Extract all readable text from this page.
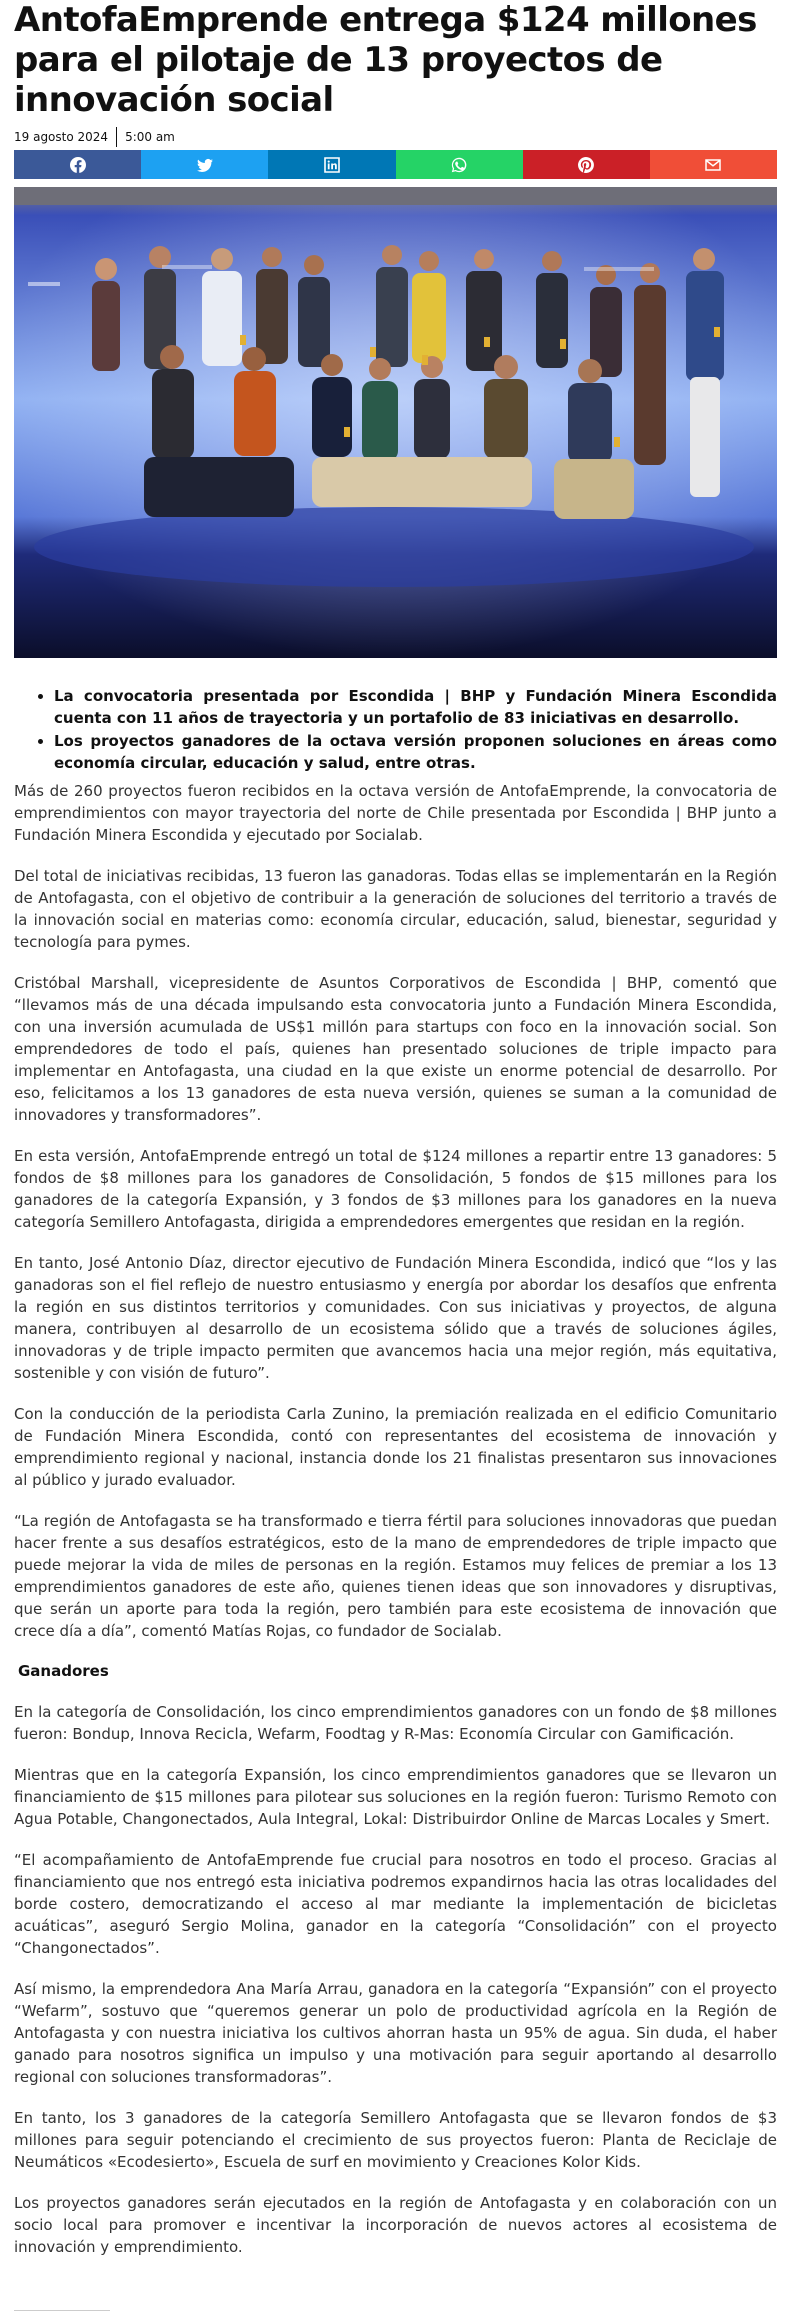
AntofaEmprende entrega $124 millones para el pilotaje de 13 proyectos de innovación social
19 agosto 2024 5:00 am
• La convocatoria presentada por Escondida | BHP y Fundación Minera Escondida cuenta con 11 años de trayectoria y un portafolio de 83 iniciativas en desarrollo.
• Los proyectos ganadores de la octava versión proponen soluciones en áreas como economía circular, educación y salud, entre otras.

Más de 260 proyectos fueron recibidos en la octava versión de AntofaEmprende, la convocatoria de emprendimientos con mayor trayectoria del norte de Chile presentada por Escondida | BHP junto a Fundación Minera Escondida y ejecutado por Socialab.

Del total de iniciativas recibidas, 13 fueron las ganadoras. Todas ellas se implementarán en la Región de Antofagasta, con el objetivo de contribuir a la generación de soluciones del territorio a través de la innovación social en materias como: economía circular, educación, salud, bienestar, seguridad y tecnología para pymes.

Cristóbal Marshall, vicepresidente de Asuntos Corporativos de Escondida | BHP, comentó que “llevamos más de una década impulsando esta convocatoria junto a Fundación Minera Escondida, con una inversión acumulada de US$1 millón para startups con foco en la innovación social. Son emprendedores de todo el país, quienes han presentado soluciones de triple impacto para implementar en Antofagasta, una ciudad en la que existe un enorme potencial de desarrollo. Por eso, felicitamos a los 13 ganadores de esta nueva versión, quienes se suman a la comunidad de innovadores y transformadores”.

En esta versión, AntofaEmprende entregó un total de $124 millones a repartir entre 13 ganadores: 5 fondos de $8 millones para los ganadores de Consolidación, 5 fondos de $15 millones para los ganadores de la categoría Expansión, y 3 fondos de $3 millones para los ganadores en la nueva categoría Semillero Antofagasta, dirigida a emprendedores emergentes que residan en la región.

En tanto, José Antonio Díaz, director ejecutivo de Fundación Minera Escondida, indicó que “los y las ganadoras son el fiel reflejo de nuestro entusiasmo y energía por abordar los desafíos que enfrenta la región en sus distintos territorios y comunidades. Con sus iniciativas y proyectos, de alguna manera, contribuyen al desarrollo de un ecosistema sólido que a través de soluciones ágiles, innovadoras y de triple impacto permiten que avancemos hacia una mejor región, más equitativa, sostenible y con visión de futuro”.

Con la conducción de la periodista Carla Zunino, la premiación realizada en el edificio Comunitario de Fundación Minera Escondida, contó con representantes del ecosistema de innovación y emprendimiento regional y nacional, instancia donde los 21 finalistas presentaron sus innovaciones al público y jurado evaluador.

“La región de Antofagasta se ha transformado e tierra fértil para soluciones innovadoras que puedan hacer frente a sus desafíos estratégicos, esto de la mano de emprendedores de triple impacto que puede mejorar la vida de miles de personas en la región. Estamos muy felices de premiar a los 13 emprendimientos ganadores de este año, quienes tienen ideas que son innovadores y disruptivas, que serán un aporte para toda la región, pero también para este ecosistema de innovación que crece día a día”, comentó Matías Rojas, co fundador de Socialab.

Ganadores

En la categoría de Consolidación, los cinco emprendimientos ganadores con un fondo de $8 millones fueron: Bondup, Innova Recicla, Wefarm, Foodtag y R-Mas: Economía Circular con Gamificación.

Mientras que en la categoría Expansión, los cinco emprendimientos ganadores que se llevaron un financiamiento de $15 millones para pilotear sus soluciones en la región fueron: Turismo Remoto con Agua Potable, Changonectados, Aula Integral, Lokal: Distribuirdor Online de Marcas Locales y Smert.

“El acompañamiento de AntofaEmprende fue crucial para nosotros en todo el proceso. Gracias al financiamiento que nos entregó esta iniciativa podremos expandirnos hacia las otras localidades del borde costero, democratizando el acceso al mar mediante la implementación de bicicletas acuáticas”, aseguró Sergio Molina, ganador en la categoría “Consolidación” con el proyecto “Changonectados”.

Así mismo, la emprendedora Ana María Arrau, ganadora en la categoría “Expansión” con el proyecto “Wefarm”, sostuvo que “queremos generar un polo de productividad agrícola en la Región de Antofagasta y con nuestra iniciativa los cultivos ahorran hasta un 95% de agua. Sin duda, el haber ganado para nosotros significa un impulso y una motivación para seguir aportando al desarrollo regional con soluciones transformadoras”.

En tanto, los 3 ganadores de la categoría Semillero Antofagasta que se llevaron fondos de $3 millones para seguir potenciando el crecimiento de sus proyectos fueron: Planta de Reciclaje de Neumáticos «Ecodesierto», Escuela de surf en movimiento y Creaciones Kolor Kids.

Los proyectos ganadores serán ejecutados en la región de Antofagasta y en colaboración con un socio local para promover e incentivar la incorporación de nuevos actores al ecosistema de innovación y emprendimiento.
